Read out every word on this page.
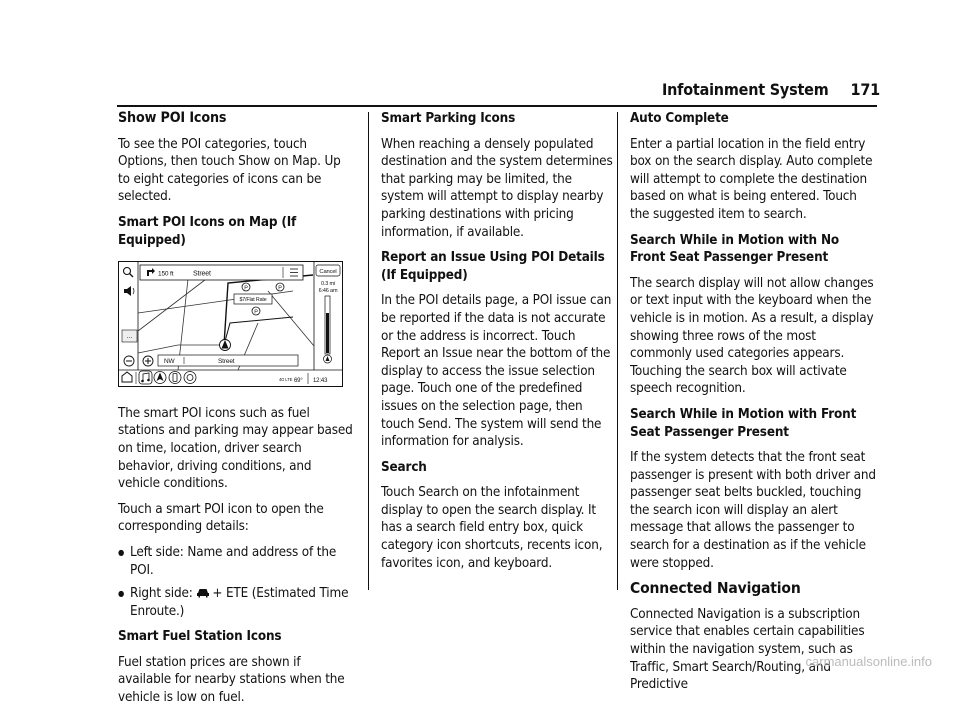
Infotainment System 171
Show POI Icons

To see the POI categories, touch Options, then touch Show on Map. Up to eight categories of icons can be selected.

Smart POI Icons on Map (If Equipped)
150 ft	Street	Cancel
0.3 mi
6:46 am
...
NW	Street
P	P
$7/Flat Rate
P
4G LTE 69° 12:43

The smart POI icons such as fuel stations and parking may appear based on time, location, driver search behavior, driving conditions, and vehicle conditions.

Touch a smart POI icon to open the corresponding details:

● Left side: Name and address of the POI.
● Right side: + ETE (Estimated Time Enroute.)
Smart Fuel Station Icons

Fuel station prices are shown if available for nearby stations when the vehicle is low on fuel.

Smart Parking Icons

When reaching a densely populated destination and the system determines that parking may be limited, the system will attempt to display nearby parking destinations with pricing information, if available.

Report an Issue Using POI Details (If Equipped)

In the POI details page, a POI issue can be reported if the data is not accurate or the address is incorrect. Touch Report an Issue near the bottom of the display to access the issue selection page. Touch one of the predefined issues on the selection page, then touch Send. The system will send the information for analysis.

Search

Touch Search on the infotainment display to open the search display. It has a search field entry box, quick category icon shortcuts, recents icon, favorites icon, and keyboard.

Auto Complete

Enter a partial location in the field entry box on the search display. Auto complete will attempt to complete the destination based on what is being entered. Touch the suggested item to search.

Search While in Motion with No Front Seat Passenger Present

The search display will not allow changes or text input with the keyboard when the vehicle is in motion. As a result, a display showing three rows of the most commonly used categories appears. Touching the search box will activate speech recognition.

Search While in Motion with Front Seat Passenger Present

If the system detects that the front seat passenger is present with both driver and passenger seat belts buckled, touching the search icon will display an alert message that allows the passenger to search for a destination as if the vehicle were stopped.

Connected Navigation

Connected Navigation is a subscription service that enables certain capabilities within the navigation system, such as Traffic, Smart Search/Routing, and Predictive

carmanualsonline.info
